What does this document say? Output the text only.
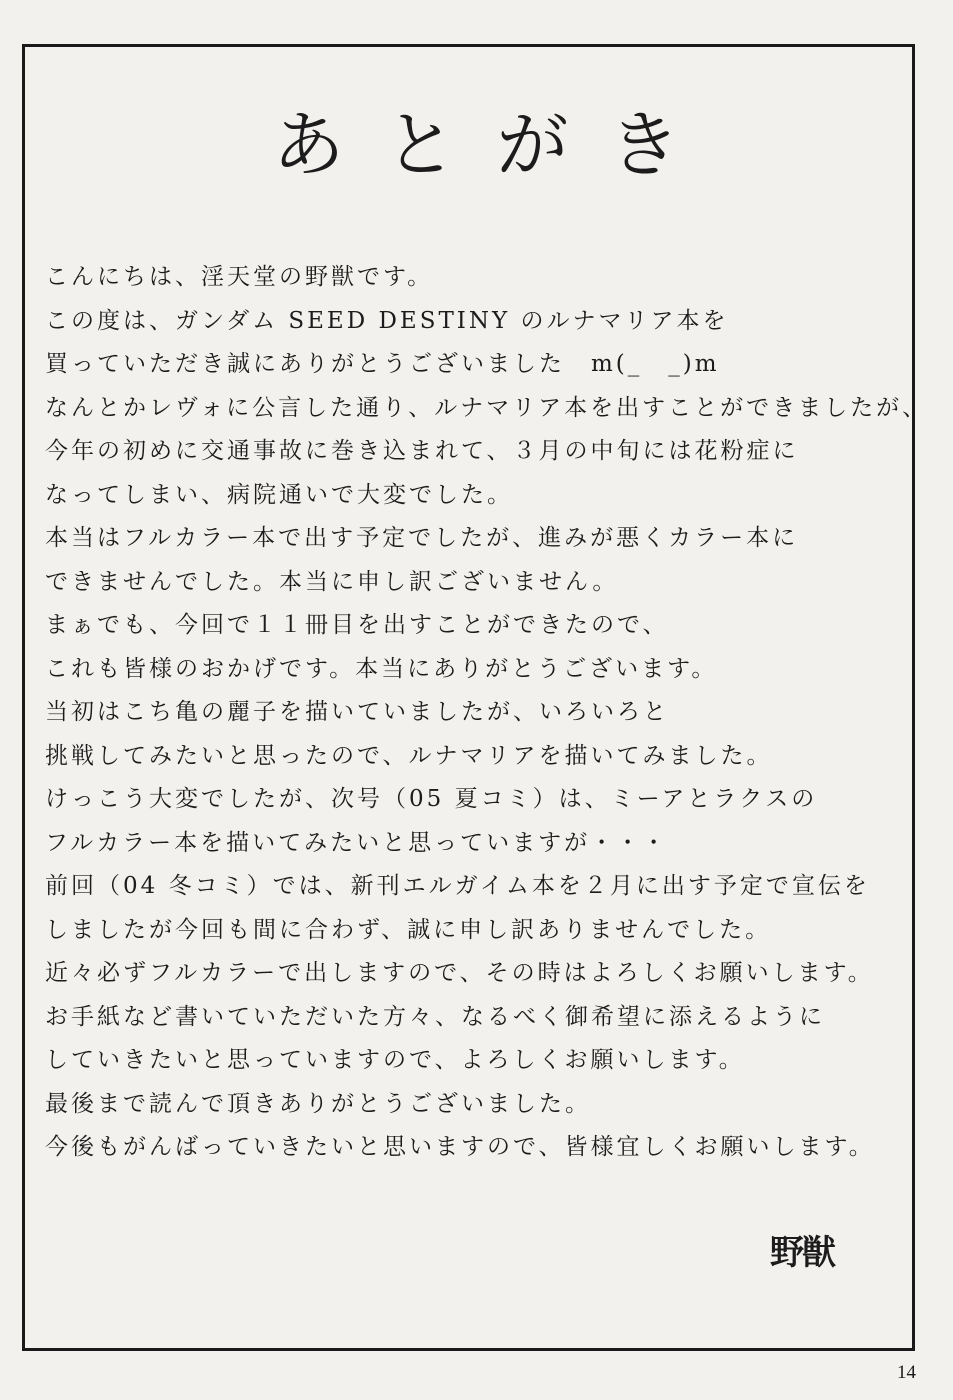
あとがき
こんにちは、淫天堂の野獣です。
この度は、ガンダム SEED DESTINY のルナマリア本を
買っていただき誠にありがとうございました　m(_　_)m
なんとかレヴォに公言した通り、ルナマリア本を出すことができましたが、
今年の初めに交通事故に巻き込まれて、３月の中旬には花粉症に
なってしまい、病院通いで大変でした。
本当はフルカラー本で出す予定でしたが、進みが悪くカラー本に
できませんでした。本当に申し訳ございません。
まぁでも、今回で１１冊目を出すことができたので、
これも皆様のおかげです。本当にありがとうございます。
当初はこち亀の麗子を描いていましたが、いろいろと
挑戦してみたいと思ったので、ルナマリアを描いてみました。
けっこう大変でしたが、次号（05 夏コミ）は、ミーアとラクスの
フルカラー本を描いてみたいと思っていますが・・・
前回（04 冬コミ）では、新刊エルガイム本を２月に出す予定で宣伝を
しましたが今回も間に合わず、誠に申し訳ありませんでした。
近々必ずフルカラーで出しますので、その時はよろしくお願いします。
お手紙など書いていただいた方々、なるべく御希望に添えるように
していきたいと思っていますので、よろしくお願いします。
最後まで読んで頂きありがとうございました。
今後もがんばっていきたいと思いますので、皆様宜しくお願いします。
野獣
14
